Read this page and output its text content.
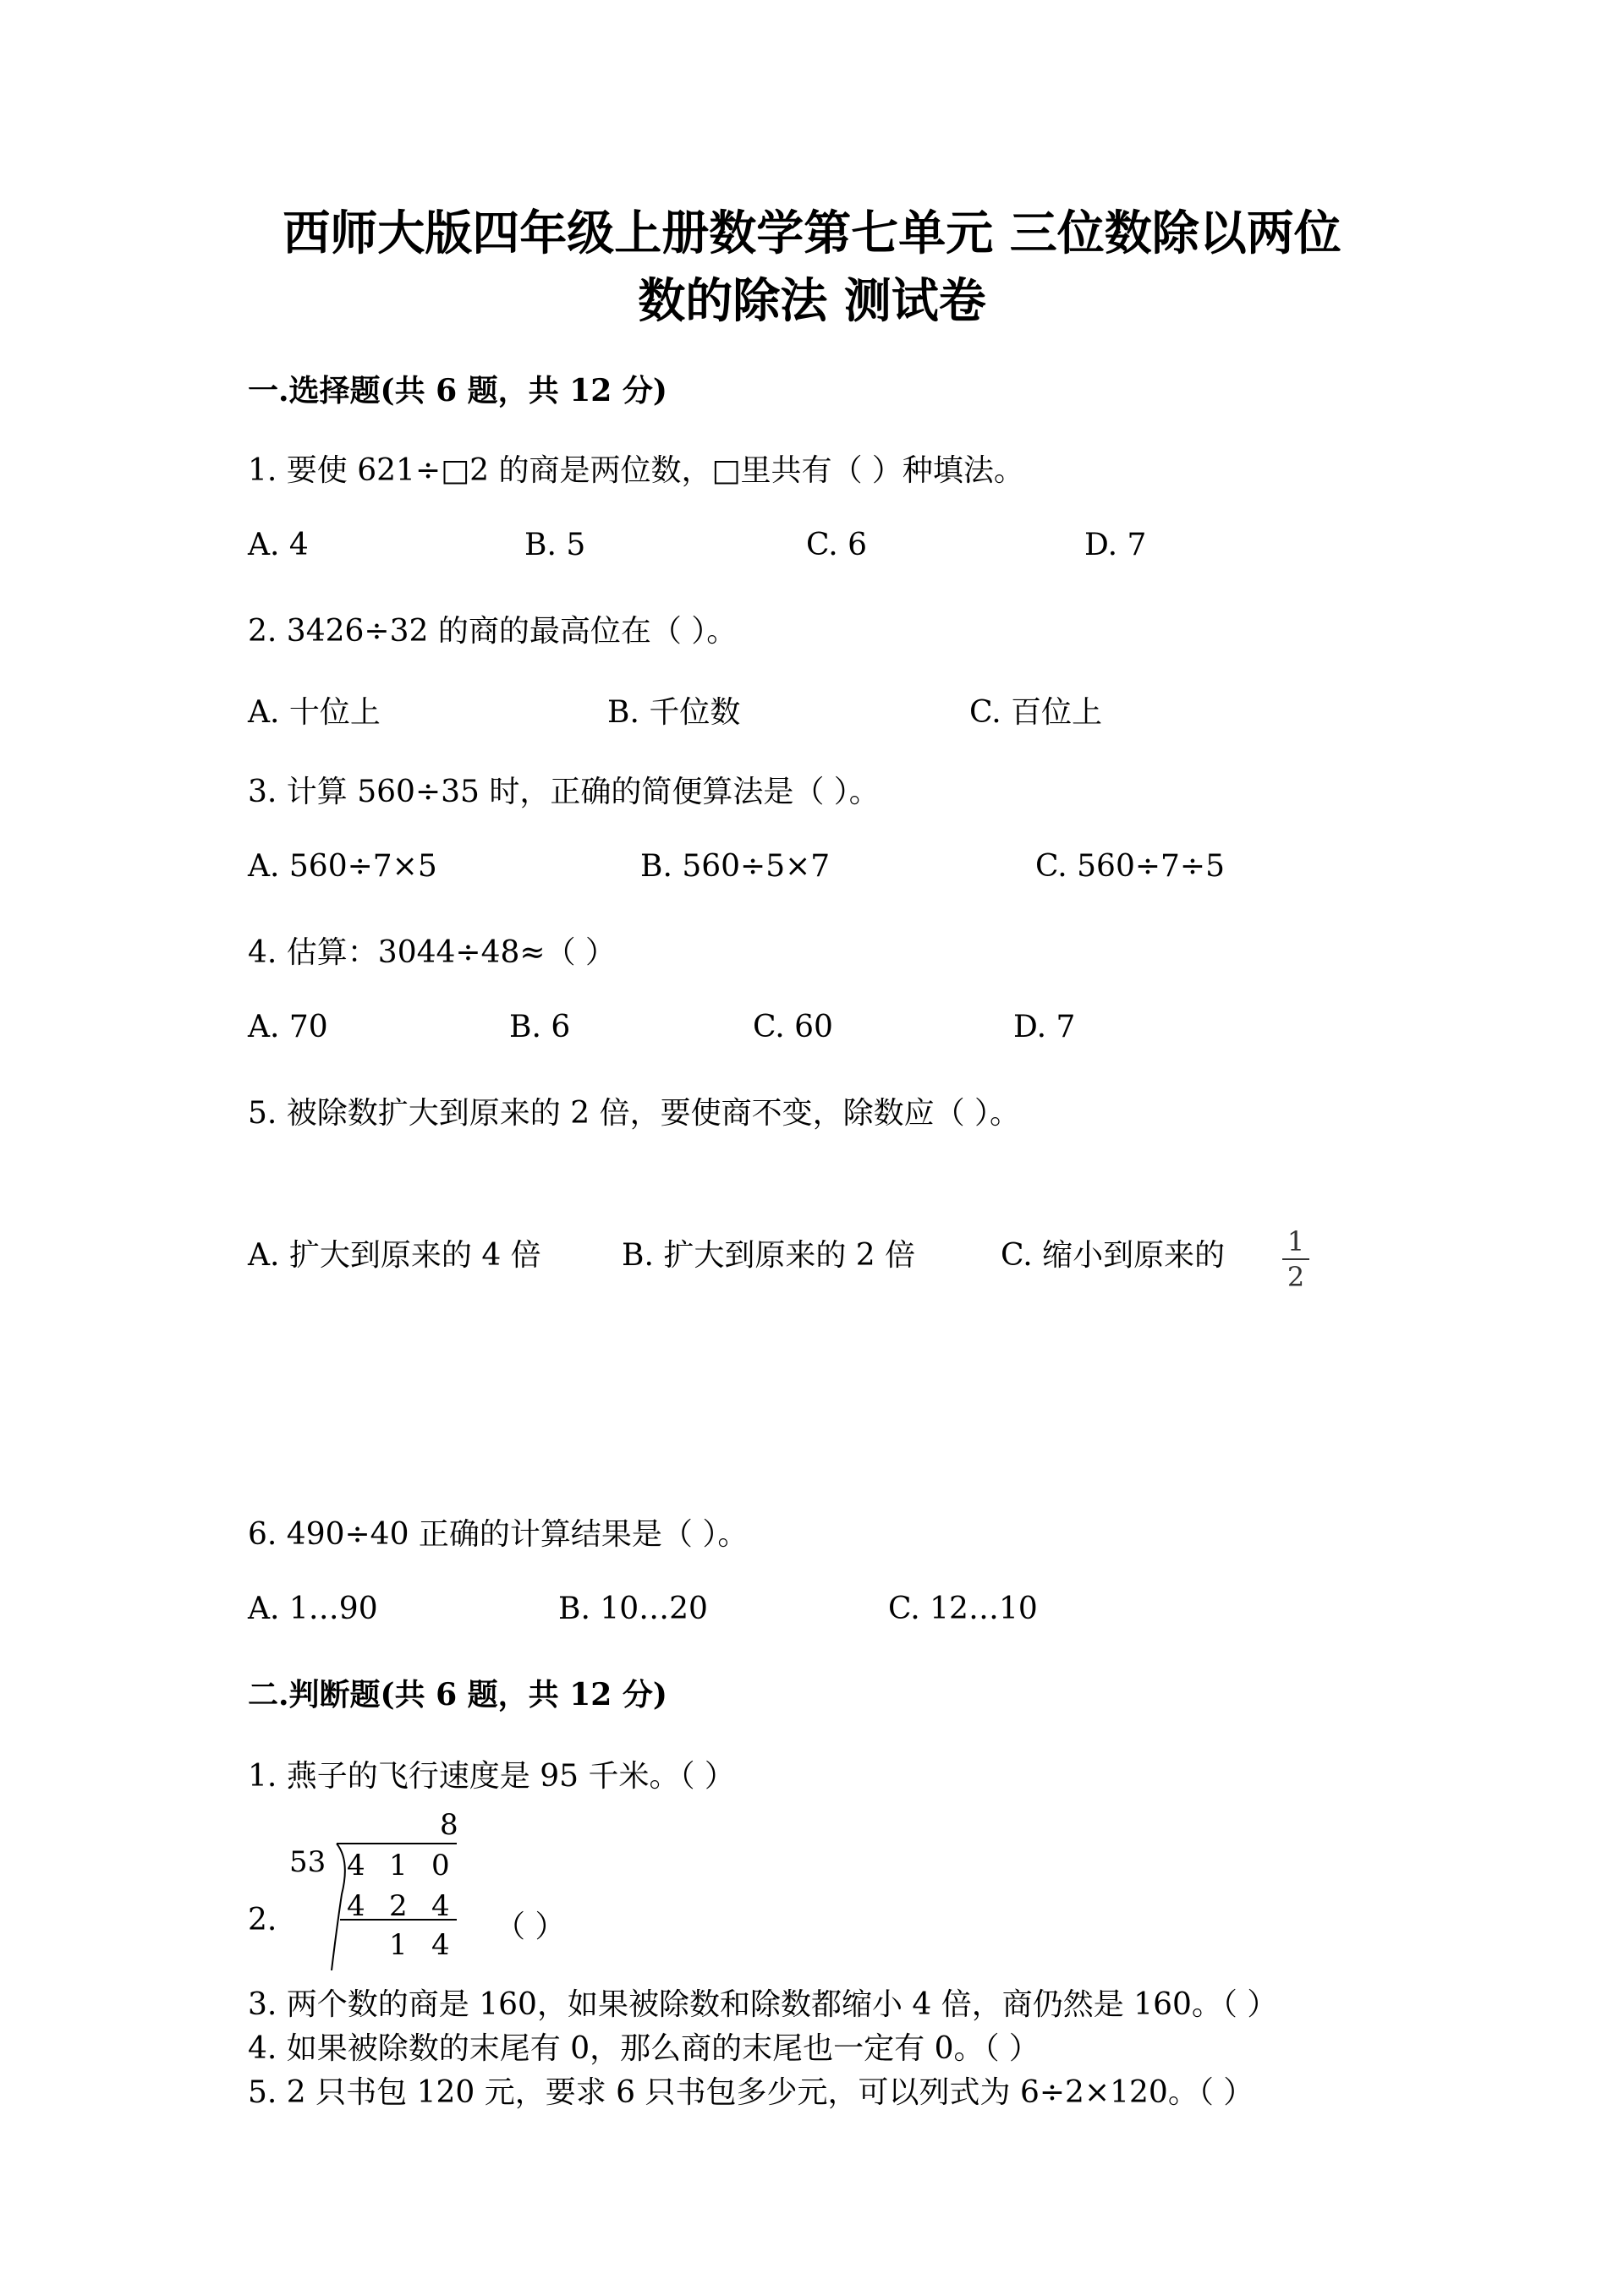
西师大版四年级上册数学第七单元 三位数除以两位
数的除法 测试卷
一.选择题(共 6 题，共 12 分)
1. 要使 621÷□2 的商是两位数，□里共有（ ）种填法。
A. 4	B. 5	C. 6	D. 7
2. 3426÷32 的商的最高位在（ ）。
A. 十位上	B. 千位数	C. 百位上
3. 计算 560÷35 时，正确的简便算法是（ ）。
A. 560÷7×5	B. 560÷5×7	C. 560÷7÷5
4. 估算：3044÷48≈（ ）
A. 70	B. 6	C. 60	D. 7
5. 被除数扩大到原来的 2 倍，要使商不变，除数应（ ）。
A. 扩大到原来的 4 倍	B. 扩大到原来的 2 倍	C. 缩小到原来的	1
2
6. 490÷40 正确的计算结果是（ ）。
A. 1…90	B. 10…20	C. 12…10
二.判断题(共 6 题，共 12 分)
1. 燕子的飞行速度是 95 千米。（ ）
2.
8
53 4 1 0
4 2 4
1 4
（ ）
3. 两个数的商是 160，如果被除数和除数都缩小 4 倍，商仍然是 160。（ ）
4. 如果被除数的末尾有 0，那么商的末尾也一定有 0。（ ）
5. 2 只书包 120 元，要求 6 只书包多少元，可以列式为 6÷2×120。（ ）
